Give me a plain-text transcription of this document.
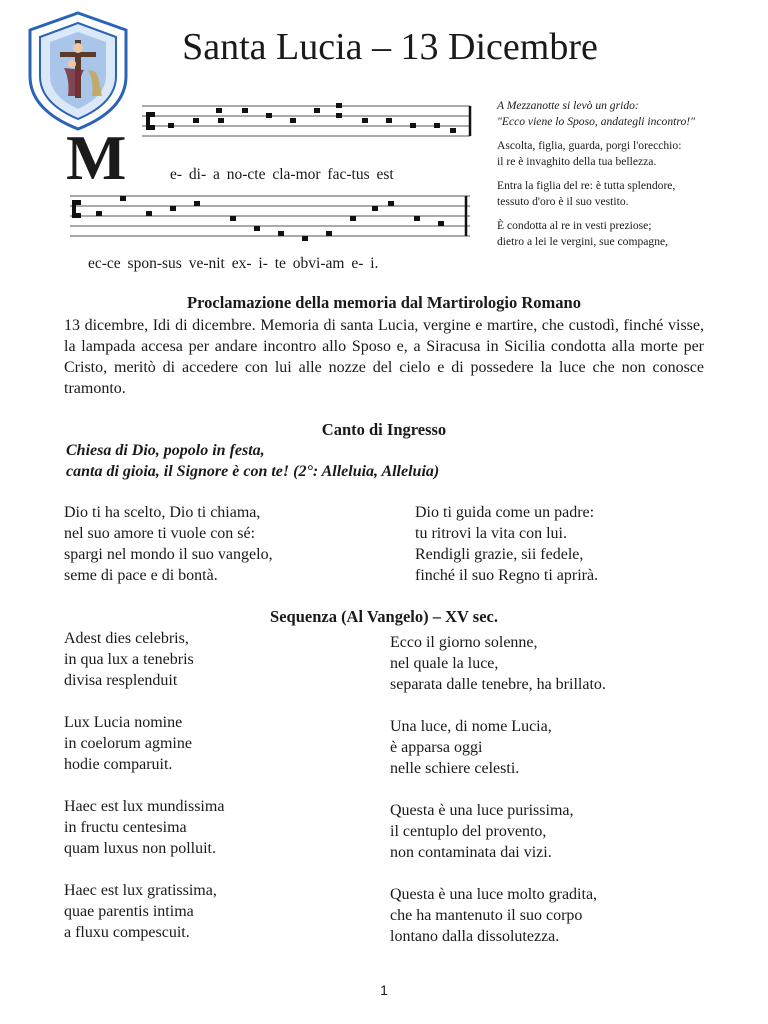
Santa Lucia – 13 Dicembre
M	e- di- a no-cte cla-mor fac-tus est
ec-ce spon-sus ve-nit ex- i- te obvi-am e- i.

A Mezzanotte si levò un grido:

"Ecco viene lo Sposo, andategli incontro!"

Ascolta, figlia, guarda, porgi l'orecchio:

il re è invaghito della tua bellezza.

Entra la figlia del re: è tutta splendore,

tessuto d'oro è il suo vestito.

È condotta al re in vesti preziose;

dietro a lei le vergini, sue compagne,

Proclamazione della memoria dal Martirologio Romano
13 dicembre, Idi di dicembre. Memoria di santa Lucia, vergine e martire, che custodì, finché visse, la lampada accesa per andare incontro allo Sposo e, a Siracusa in Sicilia condotta alla morte per Cristo, meritò di accedere con lui alle nozze del cielo e di possedere la luce che non conosce tramonto.
Canto di Ingresso

Chiesa di Dio, popolo in festa,

canta di gioia, il Signore è con te! (2°: Alleluia, Alleluia)

Dio ti ha scelto, Dio ti chiama,

nel suo amore ti vuole con sé:

spargi nel mondo il suo vangelo,

seme di pace e di bontà.

Dio ti guida come un padre:

tu ritrovi la vita con lui.

Rendigli grazie, sii fedele,

finché il suo Regno ti aprirà.

Sequenza (Al Vangelo) – XV sec.

Adest dies celebris,

in qua lux a tenebris

divisa resplenduit

Lux Lucia nomine

in coelorum agmine

hodie comparuit.

Haec est lux mundissima

in fructu centesima

quam luxus non polluit.

Haec est lux gratissima,

quae parentis intima

a fluxu compescuit.

Ecco il giorno solenne,

nel quale la luce,

separata dalle tenebre, ha brillato.

Una luce, di nome Lucia,

è apparsa oggi

nelle schiere celesti.

Questa è una luce purissima,

il centuplo del provento,

non contaminata dai vizi.

Questa è una luce molto gradita,

che ha mantenuto il suo corpo

lontano dalla dissolutezza.

1
